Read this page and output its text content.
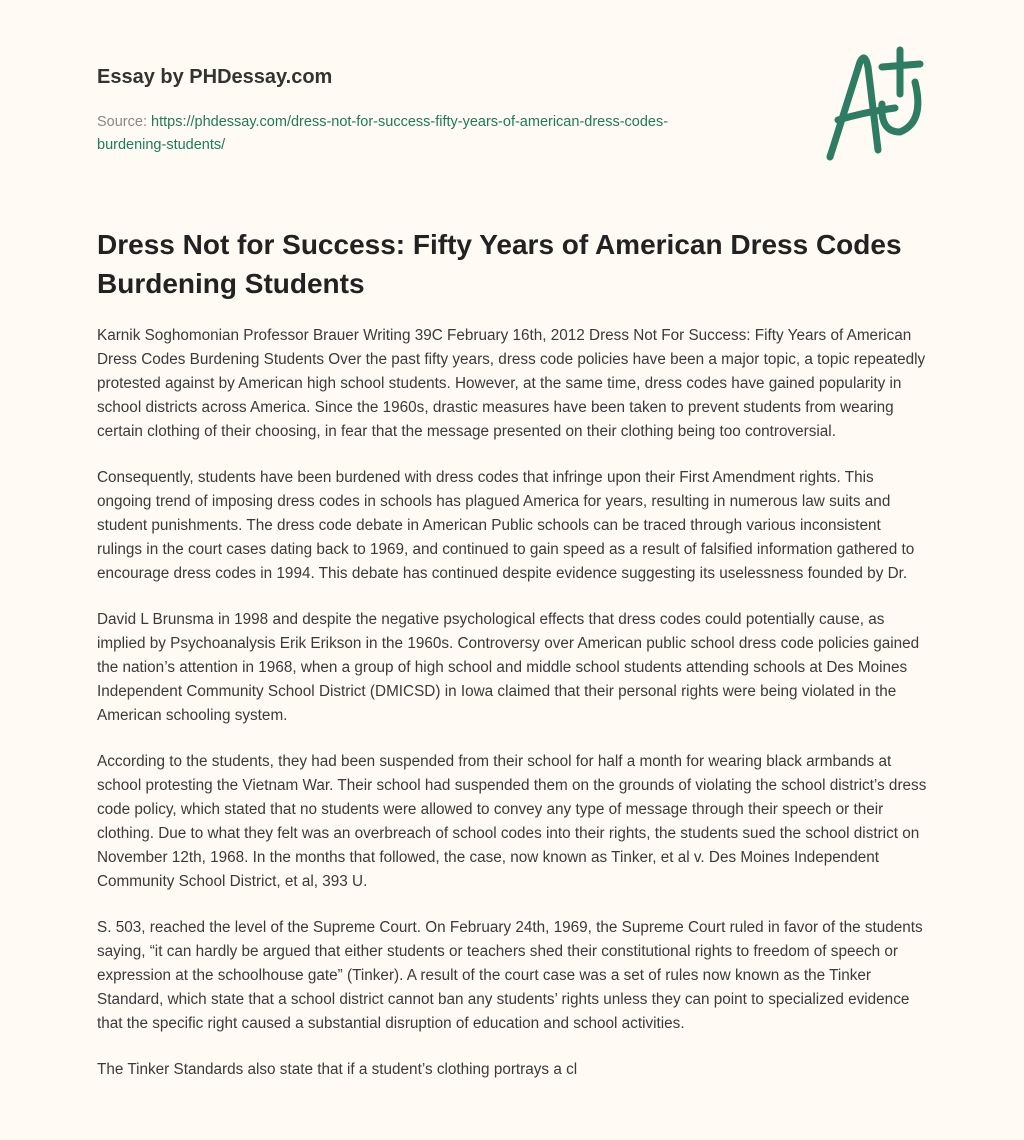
Essay by PHDessay.com
Source: https://phdessay.com/dress-not-for-success-fifty-years-of-american-dress-codes-burdening-students/
Dress Not for Success: Fifty Years of American Dress Codes Burdening Students

Karnik Soghomonian Professor Brauer Writing 39C February 16th, 2012 Dress Not For Success: Fifty Years of American Dress Codes Burdening Students Over the past fifty years, dress code policies have been a major topic, a topic repeatedly protested against by American high school students. However, at the same time, dress codes have gained popularity in school districts across America. Since the 1960s, drastic measures have been taken to prevent students from wearing certain clothing of their choosing, in fear that the message presented on their clothing being too controversial.

Consequently, students have been burdened with dress codes that infringe upon their First Amendment rights. This ongoing trend of imposing dress codes in schools has plagued America for years, resulting in numerous law suits and student punishments. The dress code debate in American Public schools can be traced through various inconsistent rulings in the court cases dating back to 1969, and continued to gain speed as a result of falsified information gathered to encourage dress codes in 1994. This debate has continued despite evidence suggesting its uselessness founded by Dr.

David L Brunsma in 1998 and despite the negative psychological effects that dress codes could potentially cause, as implied by Psychoanalysis Erik Erikson in the 1960s. Controversy over American public school dress code policies gained the nation’s attention in 1968, when a group of high school and middle school students attending schools at Des Moines Independent Community School District (DMICSD) in Iowa claimed that their personal rights were being violated in the American schooling system.

According to the students, they had been suspended from their school for half a month for wearing black armbands at school protesting the Vietnam War. Their school had suspended them on the grounds of violating the school district’s dress code policy, which stated that no students were allowed to convey any type of message through their speech or their clothing. Due to what they felt was an overbreach of school codes into their rights, the students sued the school district on November 12th, 1968. In the months that followed, the case, now known as Tinker, et al v. Des Moines Independent Community School District, et al, 393 U.

S. 503, reached the level of the Supreme Court. On February 24th, 1969, the Supreme Court ruled in favor of the students saying, “it can hardly be argued that either students or teachers shed their constitutional rights to freedom of speech or expression at the schoolhouse gate” (Tinker). A result of the court case was a set of rules now known as the Tinker Standard, which state that a school district cannot ban any students’ rights unless they can point to specialized evidence that the specific right caused a substantial disruption of education and school activities.

The Tinker Standards also state that if a student’s clothing portrays a cl
